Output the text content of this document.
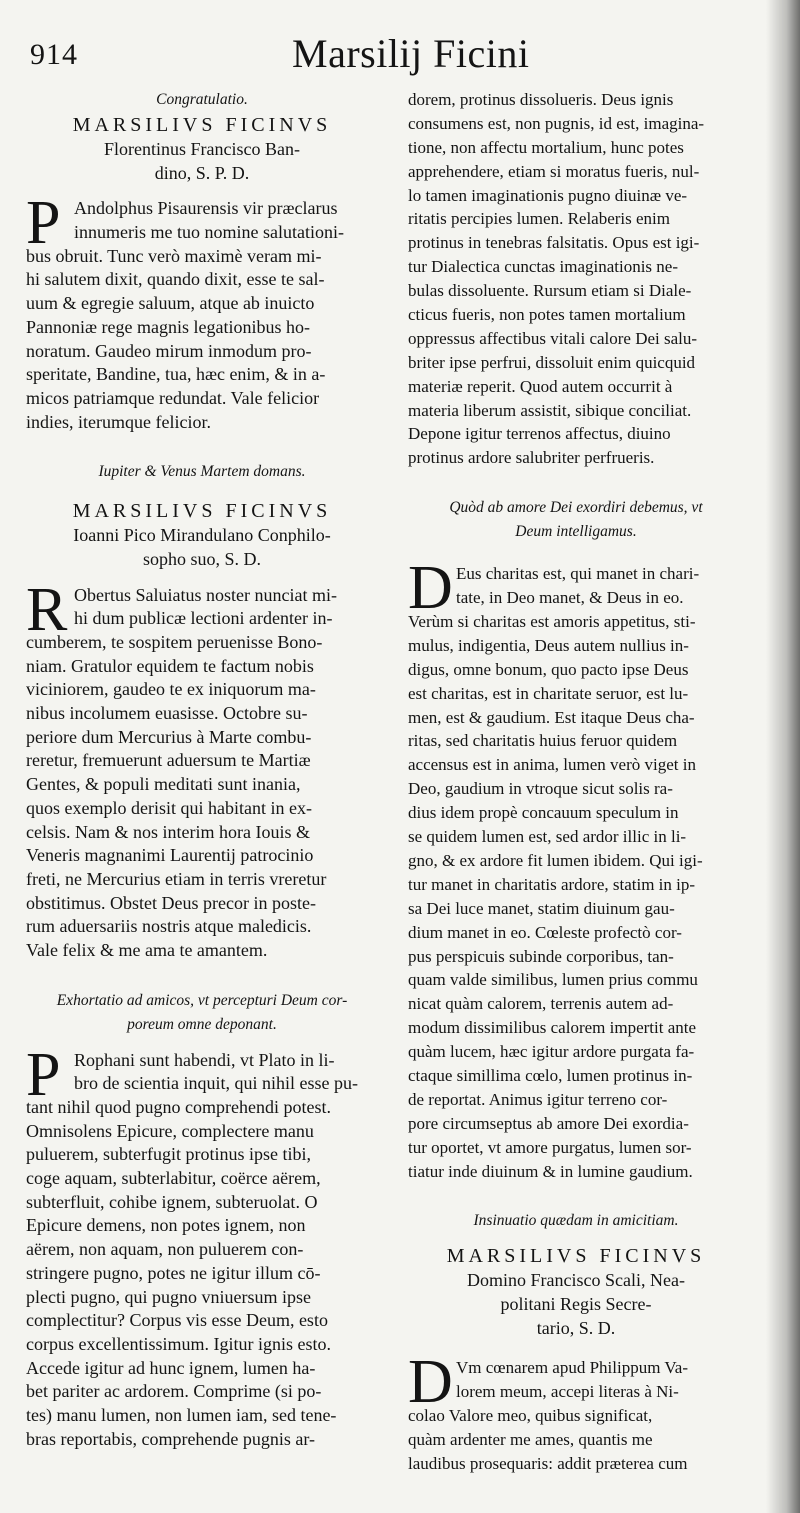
914	Marsilij Ficini
Congratulatio.
MARSILIVS FICINVS
Florentinus Francisco Ban-
dino, S. P. D.
P Andolphus Pisaurensis vir præclarus
innumeris me tuo nomine salutationi-
bus obruit. Tunc verò maximè veram mi-
hi salutem dixit, quando dixit, esse te sal-
uum & egregie saluum, atque ab inuicto
Pannoniæ rege magnis legationibus ho-
noratum. Gaudeo mirum inmodum pro-
speritate, Bandine, tua, hæc enim, & in a-
micos patriamque redundat. Vale felicior
indies, iterumque felicior.
Iupiter & Venus Martem domans.
MARSILIVS FICINVS
Ioanni Pico Mirandulano Conphilo-
sopho suo, S. D.
R Obertus Saluiatus noster nunciat mi-
hi dum publicæ lectioni ardenter in-
cumberem, te sospitem peruenisse Bono-
niam. Gratulor equidem te factum nobis
viciniorem, gaudeo te ex iniquorum ma-
nibus incolumem euasisse. Octobre su-
periore dum Mercurius à Marte combu-
reretur, fremuerunt aduersum te Martiæ
Gentes, & populi meditati sunt inania,
quos exemplo derisit qui habitant in ex-
celsis. Nam & nos interim hora Iouis &
Veneris magnanimi Laurentij patrocinio
freti, ne Mercurius etiam in terris vreretur
obstitimus. Obstet Deus precor in poste-
rum aduersariis nostris atque maledicis.
Vale felix & me ama te amantem.
Exhortatio ad amicos, vt percepturi Deum cor-
poreum omne deponant.
P Rophani sunt habendi, vt Plato in li-
bro de scientia inquit, qui nihil esse pu-
tant nihil quod pugno comprehendi potest.
Omnisolens Epicure, complectere manu
puluerem, subterfugit protinus ipse tibi,
coge aquam, subterlabitur, coërce aërem,
subterfluit, cohibe ignem, subteruolat. O
Epicure demens, non potes ignem, non
aërem, non aquam, non puluerem con-
stringere pugno, potes ne igitur illum cō-
plecti pugno, qui pugno vniuersum ipse
complectitur? Corpus vis esse Deum, esto
corpus excellentissimum. Igitur ignis esto.
Accede igitur ad hunc ignem, lumen ha-
bet pariter ac ardorem. Comprime (si po-
tes) manu lumen, non lumen iam, sed tene-
bras reportabis, comprehende pugnis ar-
dorem, protinus dissolueris. Deus ignis
consumens est, non pugnis, id est, imagina-
tione, non affectu mortalium, hunc potes
apprehendere, etiam si moratus fueris, nul-
lo tamen imaginationis pugno diuinæ ve-
ritatis percipies lumen. Relaberis enim
protinus in tenebras falsitatis. Opus est igi-
tur Dialectica cunctas imaginationis ne-
bulas dissoluente. Rursum etiam si Diale-
cticus fueris, non potes tamen mortalium
oppressus affectibus vitali calore Dei salu-
briter ipse perfrui, dissoluit enim quicquid
materiæ reperit. Quod autem occurrit à
materia liberum assistit, sibique conciliat.
Depone igitur terrenos affectus, diuino
protinus ardore salubriter perfrueris.
Quòd ab amore Dei exordiri debemus, vt
Deum intelligamus.
D Eus charitas est, qui manet in chari-
tate, in Deo manet, & Deus in eo.
Verùm si charitas est amoris appetitus, sti-
mulus, indigentia, Deus autem nullius in-
digus, omne bonum, quo pacto ipse Deus
est charitas, est in charitate seruor, est lu-
men, est & gaudium. Est itaque Deus cha-
ritas, sed charitatis huius feruor quidem
accensus est in anima, lumen verò viget in
Deo, gaudium in vtroque sicut solis ra-
dius idem propè concauum speculum in
se quidem lumen est, sed ardor illic in li-
gno, & ex ardore fit lumen ibidem. Qui igi-
tur manet in charitatis ardore, statim in ip-
sa Dei luce manet, statim diuinum gau-
dium manet in eo. Cœleste profectò cor-
pus perspicuis subinde corporibus, tan-
quam valde similibus, lumen prius commu
nicat quàm calorem, terrenis autem ad-
modum dissimilibus calorem impertit ante
quàm lucem, hæc igitur ardore purgata fa-
ctaque simillima cœlo, lumen protinus in-
de reportat. Animus igitur terreno cor-
pore circumseptus ab amore Dei exordia-
tur oportet, vt amore purgatus, lumen sor-
tiatur inde diuinum & in lumine gaudium.
Insinuatio quædam in amicitiam.
MARSILIVS FICINVS
Domino Francisco Scali, Nea-
politani Regis Secre-
tario, S. D.
D Vm cœnarem apud Philippum Va-
lorem meum, accepi literas à Ni-
colao Valore meo, quibus significat,
quàm ardenter me ames, quantis me
laudibus prosequaris: addit præterea cum
